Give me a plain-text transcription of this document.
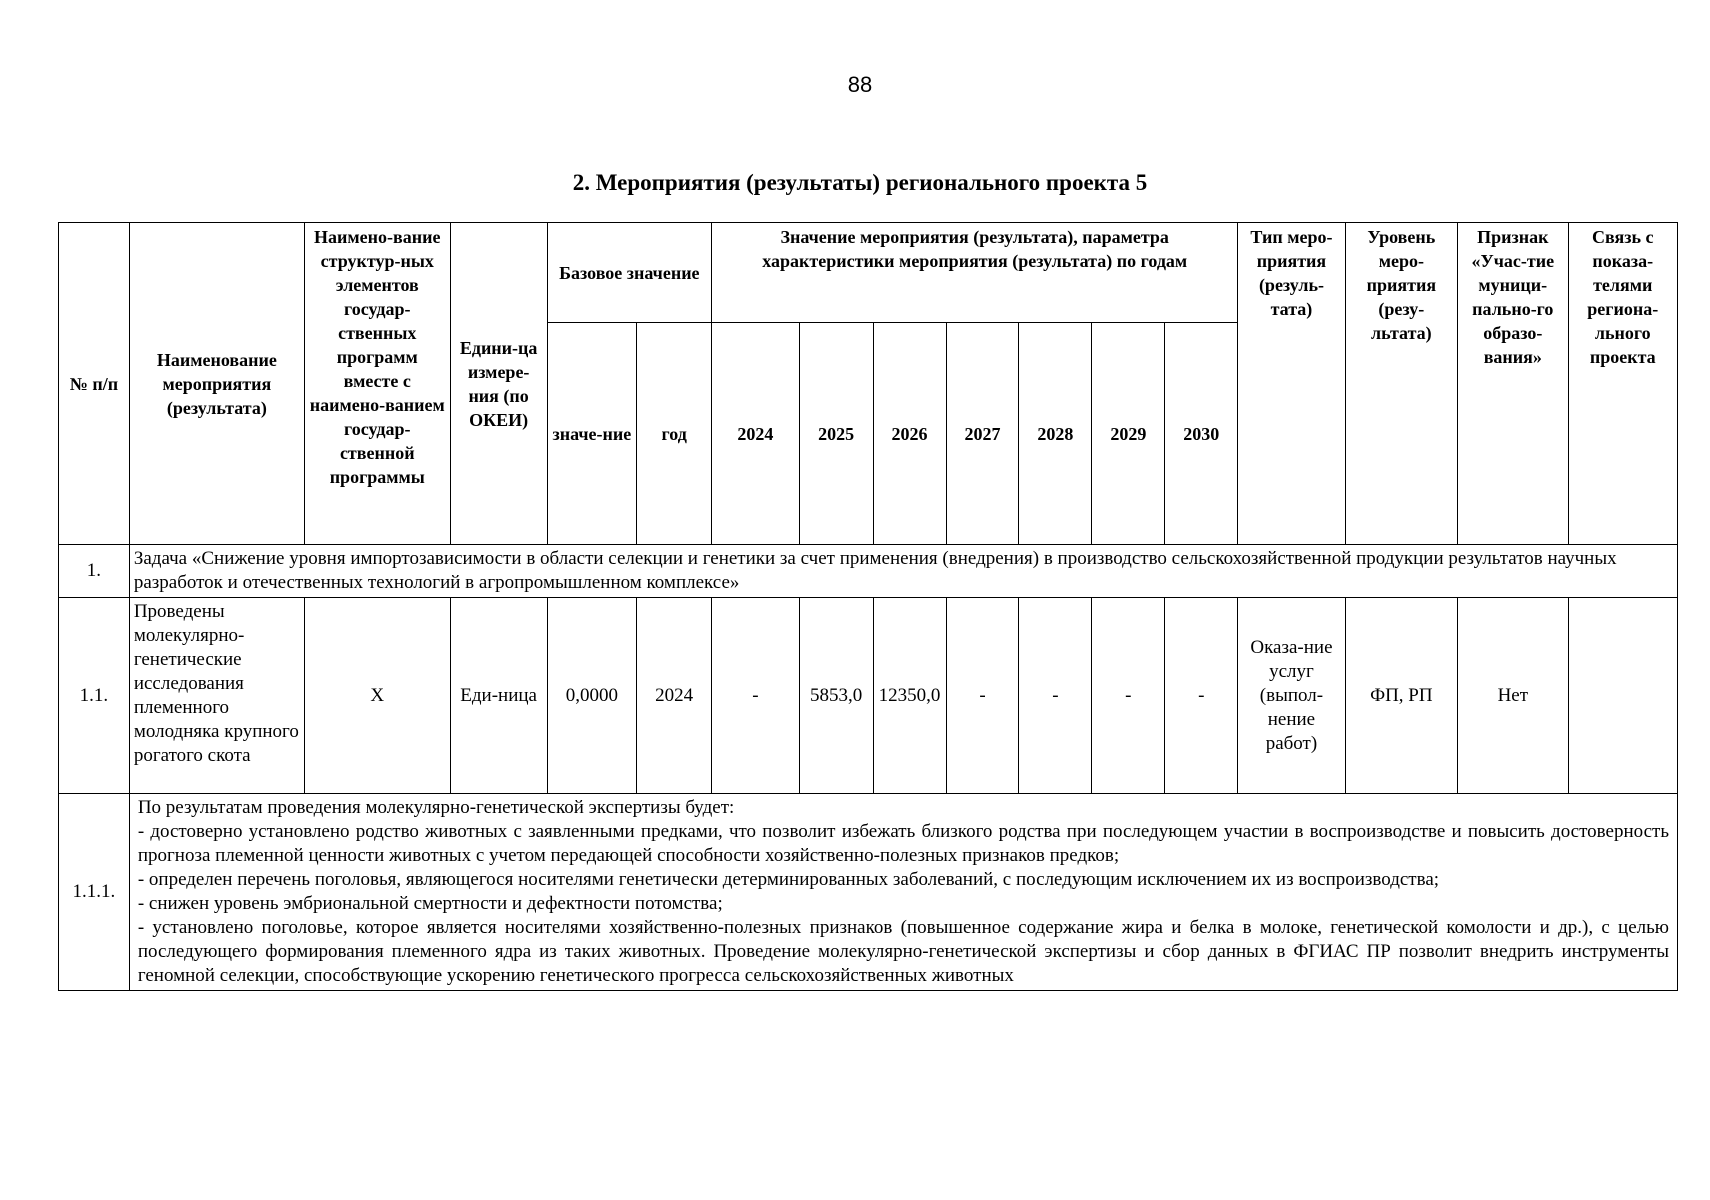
88
2. Мероприятия (результаты) регионального проекта 5
№ п/п	Наименование мероприятия (результата)	Наимено-вание структур-ных элементов государ-ственных программ вместе с наимено-ванием государ-ственной программы	Едини-ца измере-ния (по ОКЕИ)	Базовое значение		Значение мероприятия (результата), параметра характеристики мероприятия (результата) по годам							Тип меро-приятия (резуль-тата)	Уровень меро-приятия (резу-льтата)	Признак «Учас-тие муници-пально-го образо-вания»	Связь с показа-телями региона-льного проекта
				значе-ние	год	2024	2025	2026	2027	2028	2029	2030				
1.	Задача «Снижение уровня импортозависимости в области селекции и генетики за счет применения (внедрения) в производство сельскохозяйственной продукции результатов научных разработок и отечественных технологий в агропромышленном комплексе»															
1.1.	Проведены молекулярно-генетические исследования племенного молодняка крупного рогатого скота	Х	Еди-ница	0,0000	2024	-	5853,0	12350,0	-	-	-	-	Оказа-ние услуг (выпол-нение работ)	ФП, РП	Нет	
1.1.1.	По результатам проведения молекулярно-генетической экспертизы будет:
- достоверно установлено родство животных с заявленными предками, что позволит избежать близкого родства при последующем участии в воспроизводстве и повысить достоверность прогноза племенной ценности животных с учетом передающей способности хозяйственно-полезных признаков предков;
- определен перечень поголовья, являющегося носителями генетически детерминированных заболеваний, с последующим исключением их из воспроизводства;
- снижен уровень эмбриональной смертности и дефектности потомства;
- установлено поголовье, которое является носителями хозяйственно-полезных признаков (повышенное содержание жира и белка в молоке, генетической комолости и др.), с целью последующего формирования племенного ядра из таких животных. Проведение молекулярно-генетической экспертизы и сбор данных в ФГИАС ПР позволит внедрить инструменты геномной селекции, способствующие ускорению генетического прогресса сельскохозяйственных животных															
